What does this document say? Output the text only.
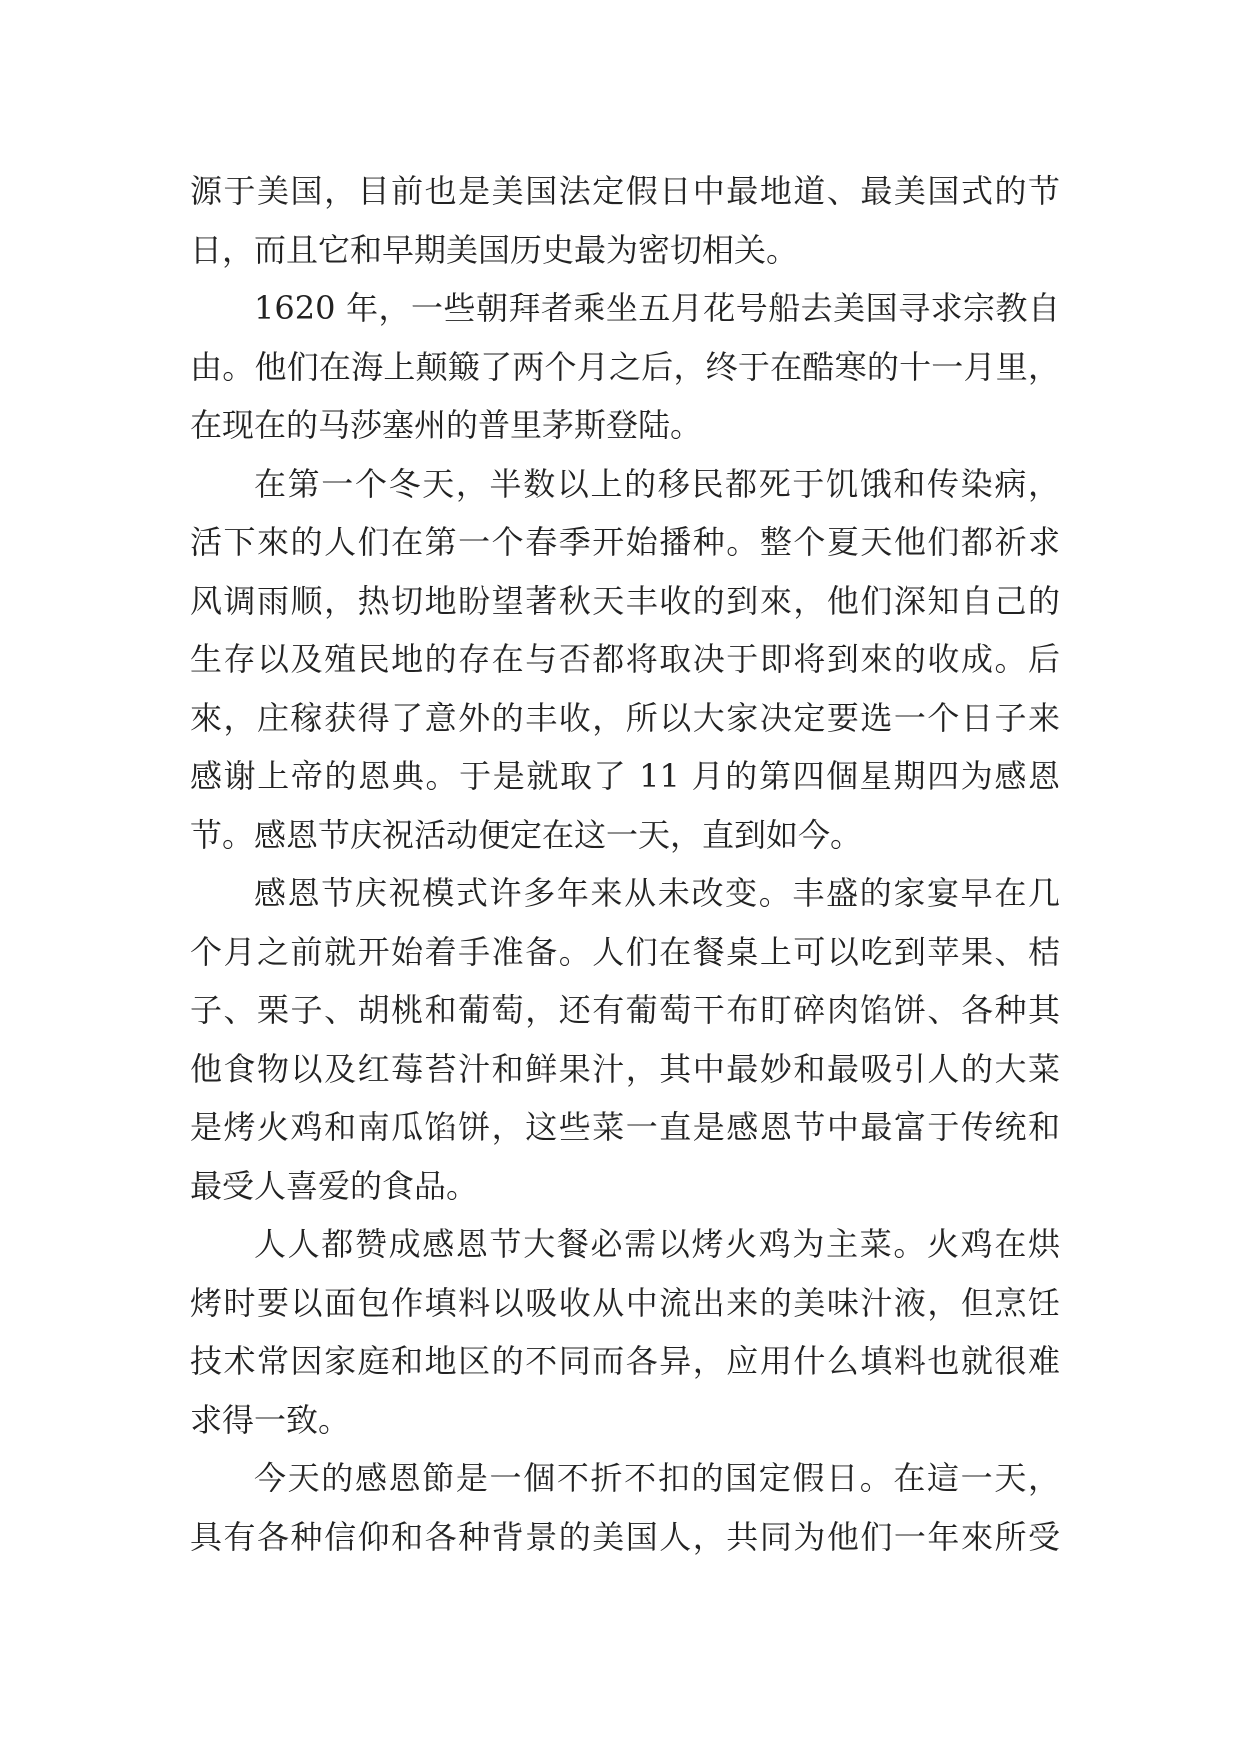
源于美国，目前也是美国法定假日中最地道、最美国式的节
日，而且它和早期美国历史最为密切相关。
1620 年，一些朝拜者乘坐五月花号船去美国寻求宗教自
由。他们在海上颠簸了两个月之后，终于在酷寒的十一月里，
在现在的马莎塞州的普里茅斯登陆。
在第一个冬天，半数以上的移民都死于饥饿和传染病，
活下來的人们在第一个春季开始播种。整个夏天他们都祈求
风调雨顺，热切地盼望著秋天丰收的到來，他们深知自己的
生存以及殖民地的存在与否都将取决于即将到來的收成。后
來，庄稼获得了意外的丰收，所以大家决定要选一个日子来
感谢上帝的恩典。于是就取了 11 月的第四個星期四为感恩
节。感恩节庆祝活动便定在这一天，直到如今。
感恩节庆祝模式许多年来从未改变。丰盛的家宴早在几
个月之前就开始着手准备。人们在餐桌上可以吃到苹果、桔
子、栗子、胡桃和葡萄，还有葡萄干布盯碎肉馅饼、各种其
他食物以及红莓苔汁和鲜果汁，其中最妙和最吸引人的大菜
是烤火鸡和南瓜馅饼，这些菜一直是感恩节中最富于传统和
最受人喜爱的食品。
人人都赞成感恩节大餐必需以烤火鸡为主菜。火鸡在烘
烤时要以面包作填料以吸收从中流出来的美味汁液，但烹饪
技术常因家庭和地区的不同而各异，应用什么填料也就很难
求得一致。
今天的感恩節是一個不折不扣的国定假日。在這一天，
具有各种信仰和各种背景的美国人，共同为他们一年來所受
